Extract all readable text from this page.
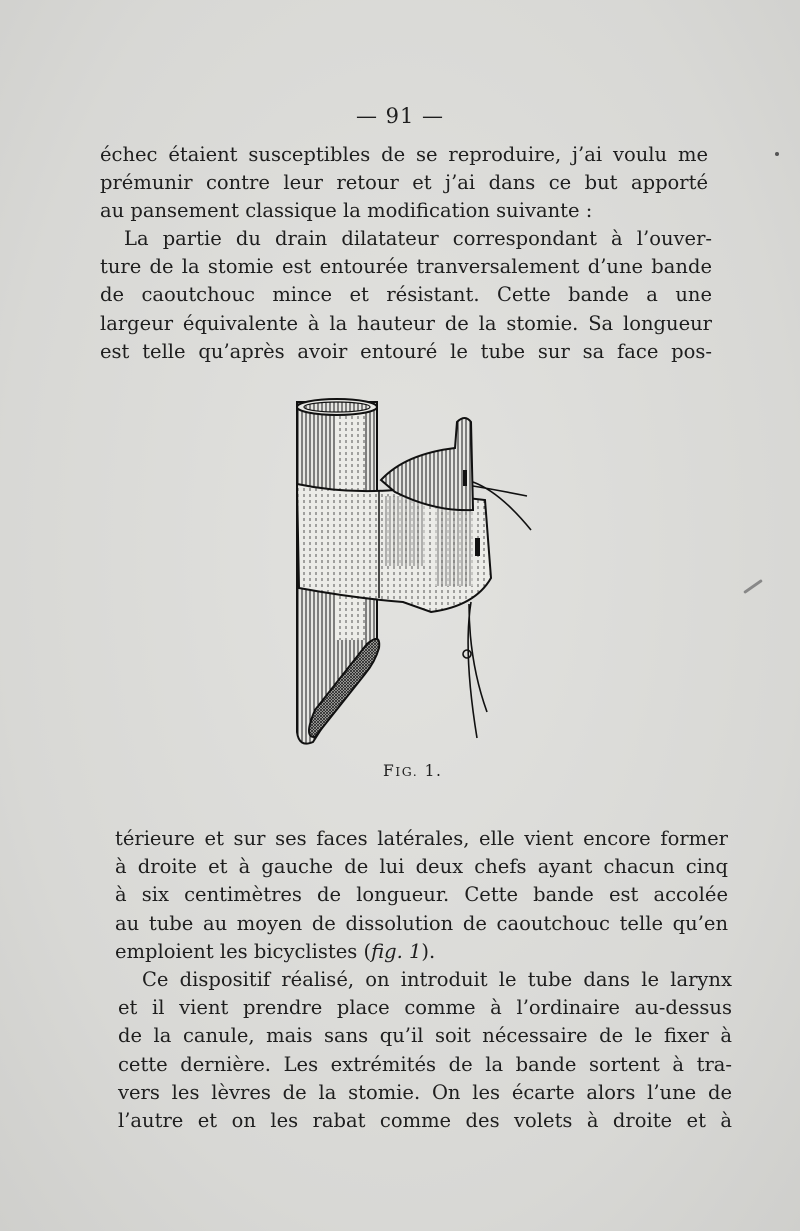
— 91 —

échec étaient susceptibles de se reproduire, j’ai voulu me
prémunir contre leur retour et j’ai dans ce but apporté
au pansement classique la modification suivante :

La partie du drain dilatateur correspondant à l’ouver-
ture de la stomie est entourée tranversalement d’une bande
de caoutchouc mince et résistant. Cette bande a une
largeur équivalente à la hauteur de la stomie. Sa longueur
est telle qu’après avoir entouré le tube sur sa face pos-

FIG. 1.

térieure et sur ses faces latérales, elle vient encore former
à droite et à gauche de lui deux chefs ayant chacun cinq
à six centimètres de longueur. Cette bande est accolée
au tube au moyen de dissolution de caoutchouc telle qu’en
emploient les bicyclistes (fig. 1).

Ce dispositif réalisé, on introduit le tube dans le larynx
et il vient prendre place comme à l’ordinaire au-dessus
de la canule, mais sans qu’il soit nécessaire de le fixer à
cette dernière. Les extrémités de la bande sortent à tra-
vers les lèvres de la stomie. On les écarte alors l’une de
l’autre et on les rabat comme des volets à droite et à
